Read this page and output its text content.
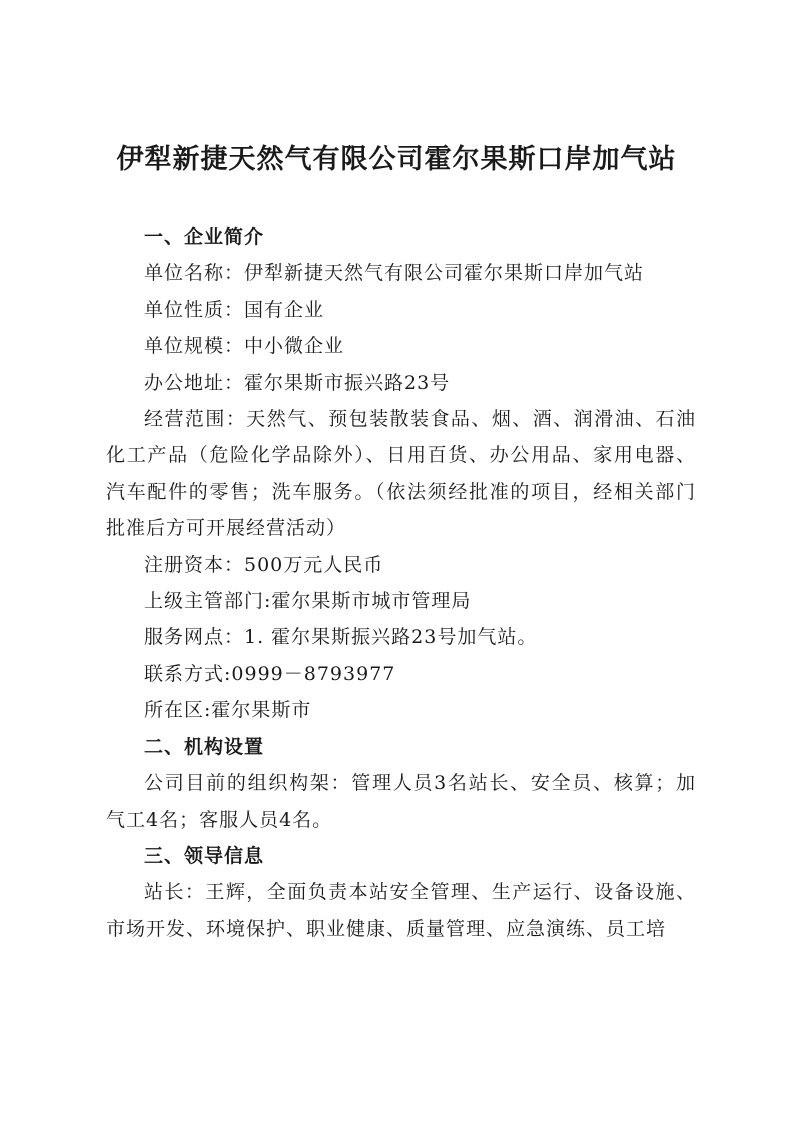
伊犁新捷天然气有限公司霍尔果斯口岸加气站
一、企业简介

单位名称：伊犁新捷天然气有限公司霍尔果斯口岸加气站

单位性质：国有企业

单位规模：中小微企业

办公地址：霍尔果斯市振兴路23号

经营范围：天然气、预包装散装食品、烟、酒、润滑油、石油化工产品（危险化学品除外）、日用百货、办公用品、家用电器、汽车配件的零售；洗车服务。（依法须经批准的项目，经相关部门批准后方可开展经营活动）

注册资本：500万元人民币

上级主管部门:霍尔果斯市城市管理局

服务网点：1. 霍尔果斯振兴路23号加气站。

联系方式:0999－8793977

所在区:霍尔果斯市

二、机构设置

公司目前的组织构架：管理人员3名站长、安全员、核算；加气工4名；客服人员4名。

三、领导信息

站长：王辉，全面负责本站安全管理、生产运行、设备设施、市场开发、环境保护、职业健康、质量管理、应急演练、员工培
